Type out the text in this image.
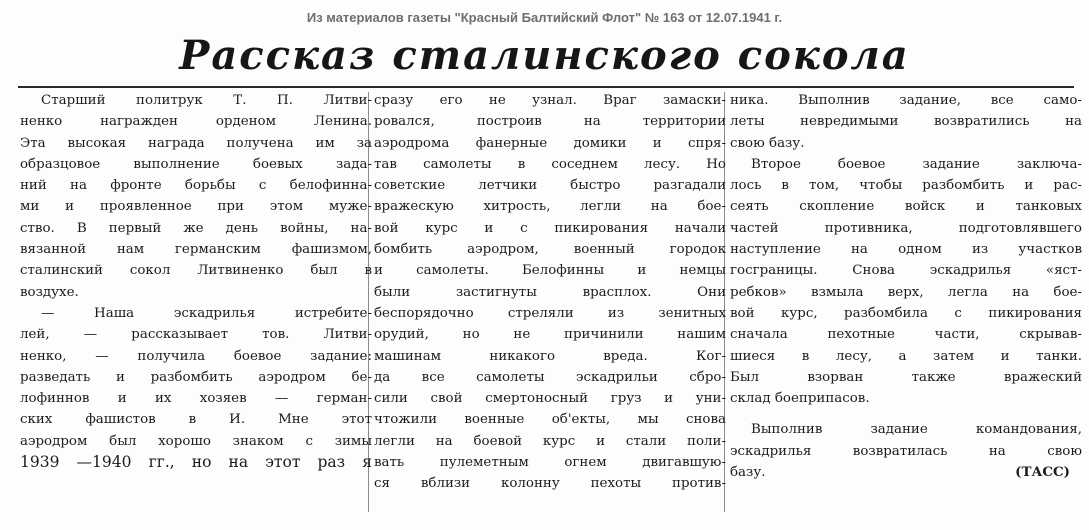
Из материалов газеты "Красный Балтийский Флот" № 163 от 12.07.1941 г.
Рассказ сталинского сокола
Старший политрук Т. П. Литви-
ненко награжден орденом Ленина.
Эта высокая награда получена им за
образцовое выполнение боевых зада-
ний на фронте борьбы с белофинна-
ми и проявленное при этом муже-
ство. В первый же день войны, на-
вязанной нам германским фашизмом,
сталинский сокол Литвиненко был в
воздухе.
— Наша эскадрилья истребите-
лей, — рассказывает тов. Литви-
ненко, — получила боевое задание:
разведать и разбомбить аэродром бе-
лофиннов и их хозяев — герман-
ских фашистов в И. Мне этот
аэродром был хорошо знаком с зимы
1939 —1940 гг., но на этот раз я
сразу его не узнал. Враг замаски-
ровался, построив на территории
аэродрома фанерные домики и спря-
тав самолеты в соседнем лесу. Но
советские летчики быстро разгадали
вражескую хитрость, легли на бое-
вой курс и с пикирования начали
бомбить аэродром, военный городок
и самолеты. Белофинны и немцы
были застигнуты врасплох. Они
беспорядочно стреляли из зенитных
орудий, но не причинили нашим
машинам никакого вреда. Ког-
да все самолеты эскадрильи сбро-
сили свой смертоносный груз и уни-
чтожили военные об'екты, мы снова
легли на боевой курс и стали поли-
вать пулеметным огнем двигавшую-
ся вблизи колонну пехоты против-
ника. Выполнив задание, все само-
леты невредимыми возвратились на
свою базу.
Второе боевое задание заключа-
лось в том, чтобы разбомбить и рас-
сеять скопление войск и танковых
частей противника, подготовлявшего
наступление на одном из участков
госграницы. Снова эскадрилья «яст-
ребков» взмыла верх, легла на боe-
вой курс, разбомбила с пикирования
сначала пехотные части, скрывав-
шиеся в лесу, а затем и танки.
Был взорван также вражеский
склад боеприпасов.
Выполнив задание командования,
эскадрилья возвратилась на свою
базу.	(ТАСС)
